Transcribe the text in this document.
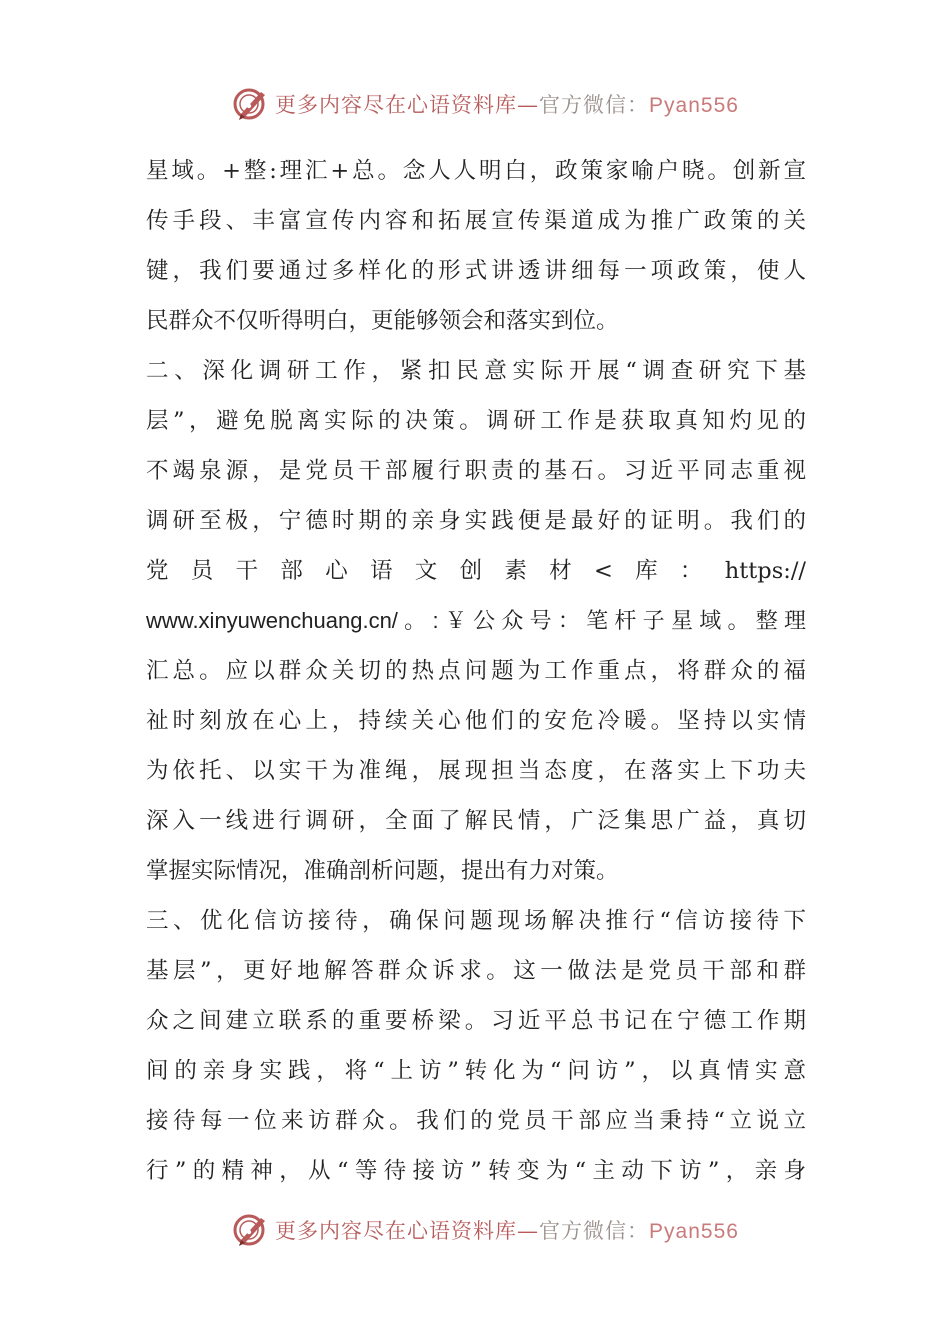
更多内容尽在心语资料库—官方微信：Pyan556
星域。+整:理汇+总。念人人明白，政策家喻户晓。创新宣
传手段、丰富宣传内容和拓展宣传渠道成为推广政策的关
键，我们要通过多样化的形式讲透讲细每一项政策，使人
民群众不仅听得明白，更能够领会和落实到位。
二、深化调研工作，紧扣民意实际开展“调查研究下基
层”，避免脱离实际的决策。调研工作是获取真知灼见的
不竭泉源，是党员干部履行职责的基石。习近平同志重视
调研至极，宁德时期的亲身实践便是最好的证明。我们的
党员干部心语文创素材<库：https://
www.xinyuwenchuang.cn/。:￥公众号：笔杆子星域。整理
汇总。应以群众关切的热点问题为工作重点，将群众的福
祉时刻放在心上，持续关心他们的安危冷暖。坚持以实情
为依托、以实干为准绳，展现担当态度，在落实上下功夫
深入一线进行调研，全面了解民情，广泛集思广益，真切
掌握实际情况，准确剖析问题，提出有力对策。
三、优化信访接待，确保问题现场解决推行“信访接待下
基层”，更好地解答群众诉求。这一做法是党员干部和群
众之间建立联系的重要桥梁。习近平总书记在宁德工作期
间的亲身实践，将“上访”转化为“问访”，以真情实意
接待每一位来访群众。我们的党员干部应当秉持“立说立
行”的精神，从“等待接访”转变为“主动下访”，亲身
更多内容尽在心语资料库—官方微信：Pyan556
